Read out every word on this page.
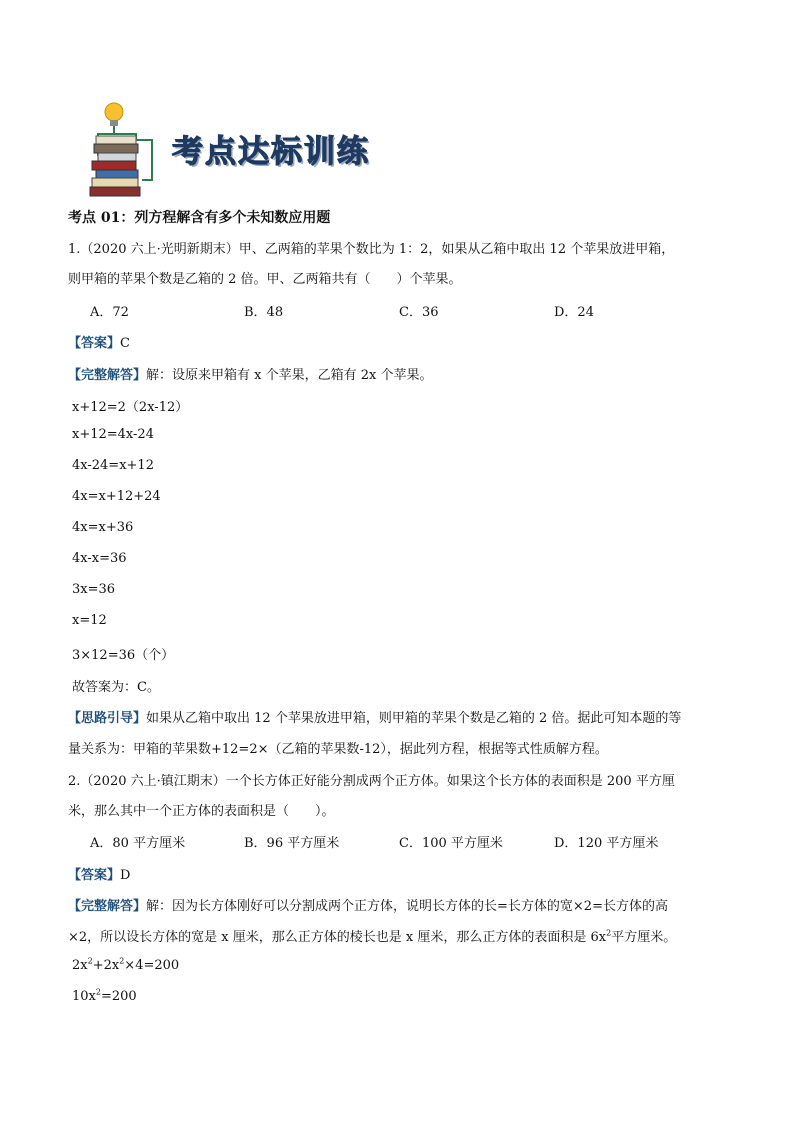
考点达标训练
考点 01：列方程解含有多个未知数应用题
1.（2020 六上·光明新期末）甲、乙两箱的苹果个数比为 1：2，如果从乙箱中取出 12 个苹果放进甲箱，
则甲箱的苹果个数是乙箱的 2 倍。甲、乙两箱共有（　　）个苹果。
A．72	B．48	C．36	D．24
【答案】C
【完整解答】解：设原来甲箱有 x 个苹果，乙箱有 2x 个苹果。
x+12=2（2x-12）
x+12=4x-24
4x-24=x+12
4x=x+12+24
4x=x+36
4x-x=36
3x=36
x=12
3×12=36（个）
故答案为：C。
【思路引导】如果从乙箱中取出 12 个苹果放进甲箱，则甲箱的苹果个数是乙箱的 2 倍。据此可知本题的等
量关系为：甲箱的苹果数+12=2×（乙箱的苹果数-12），据此列方程，根据等式性质解方程。
2.（2020 六上·镇江期末）一个长方体正好能分割成两个正方体。如果这个长方体的表面积是 200 平方厘
米，那么其中一个正方体的表面积是（　　）。
A．80 平方厘米	B．96 平方厘米	C．100 平方厘米	D．120 平方厘米
【答案】D
【完整解答】解：因为长方体刚好可以分割成两个正方体，说明长方体的长=长方体的宽×2=长方体的高
×2，所以设长方体的宽是 x 厘米，那么正方体的棱长也是 x 厘米，那么正方体的表面积是 $6x^2$平方厘米。
$2x^2+2x^2\times 4=200$
$10x^2=200$
